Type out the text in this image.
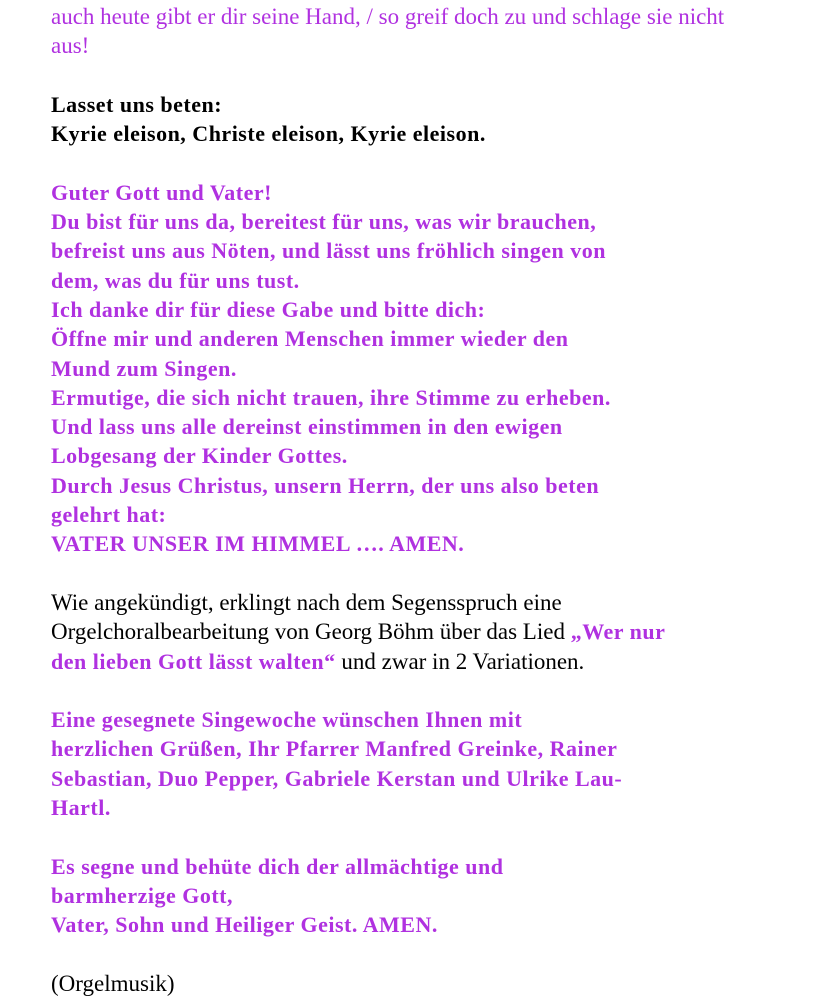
auch heute gibt er dir seine Hand, / so greif doch zu und schlage sie nicht
aus!
Lasset uns beten:
Kyrie eleison, Christe eleison, Kyrie eleison.
Guter Gott und Vater!
Du bist für uns da, bereitest für uns, was wir brauchen,
befreist uns aus Nöten, und lässt uns fröhlich singen von
dem, was du für uns tust.
Ich danke dir für diese Gabe und bitte dich:
Öffne mir und anderen Menschen immer wieder den
Mund zum Singen.
Ermutige, die sich nicht trauen, ihre Stimme zu erheben.
Und lass uns alle dereinst einstimmen in den ewigen
Lobgesang der Kinder Gottes.
Durch Jesus Christus, unsern Herrn, der uns also beten
gelehrt hat:
VATER UNSER IM HIMMEL …. AMEN.
Wie angekündigt, erklingt nach dem Segensspruch eine
Orgelchoralbearbeitung von Georg Böhm über das Lied „Wer nur
den lieben Gott lässt walten“ und zwar in 2 Variationen.
Eine gesegnete Singewoche wünschen Ihnen mit
herzlichen Grüßen, Ihr Pfarrer Manfred Greinke, Rainer
Sebastian, Duo Pepper, Gabriele Kerstan und Ulrike Lau-
Hartl.
Es segne und behüte dich der allmächtige und
barmherzige Gott,
Vater, Sohn und Heiliger Geist. AMEN.
(Orgelmusik)
